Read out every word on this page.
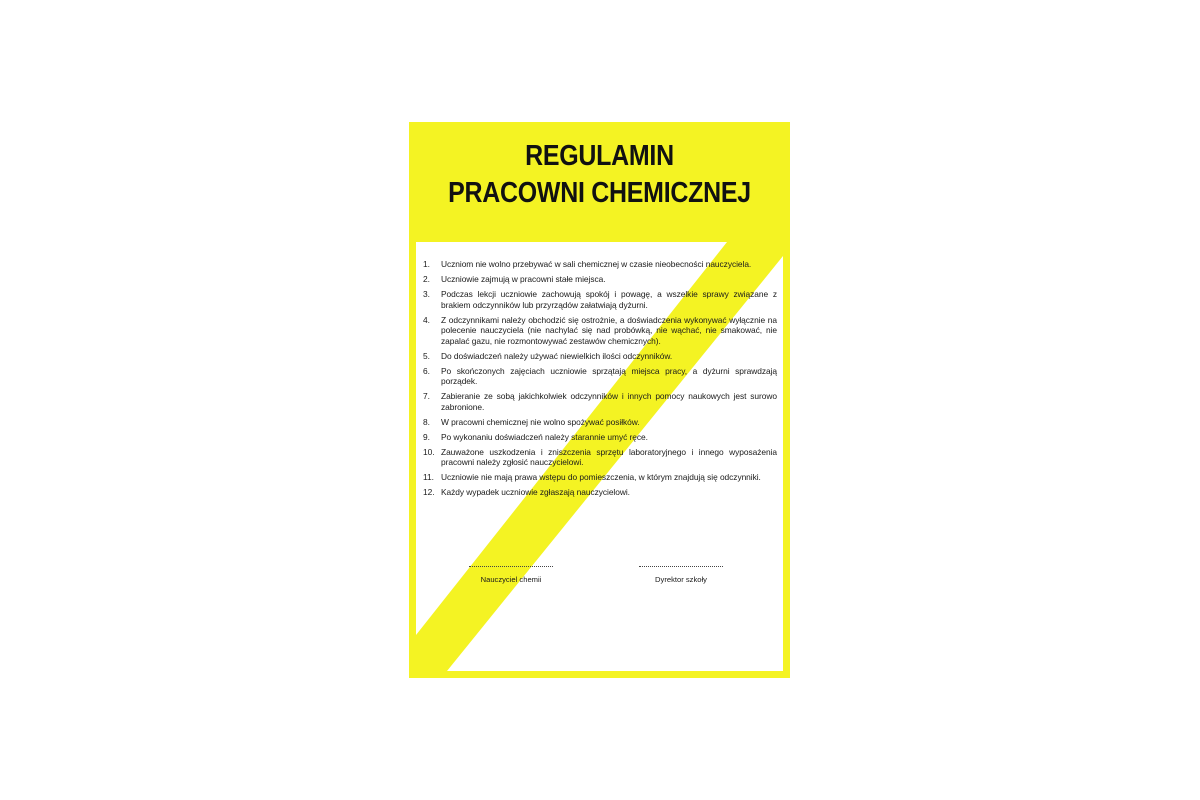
REGULAMIN
PRACOWNI CHEMICZNEJ
1.	Uczniom nie wolno przebywać w sali chemicznej w czasie nieobecności nauczyciela.
2.	Uczniowie zajmują w pracowni stałe miejsca.
3.	Podczas lekcji uczniowie zachowują spokój i powagę, a wszelkie sprawy związane z brakiem odczynników lub przyrządów załatwiają dyżurni.
4.	Z odczynnikami należy obchodzić się ostrożnie, a doświadczenia wykonywać wyłącznie na polecenie nauczyciela (nie nachylać się nad probówką, nie wąchać, nie smakować, nie zapalać gazu, nie rozmontowywać zestawów chemicznych).
5.	Do doświadczeń należy używać niewielkich ilości odczynników.
6.	Po skończonych zajęciach uczniowie sprzątają miejsca pracy, a dyżurni sprawdzają porządek.
7.	Zabieranie ze sobą jakichkolwiek odczynników i innych pomocy naukowych jest surowo zabronione.
8.	W pracowni chemicznej nie wolno spożywać posiłków.
9.	Po wykonaniu doświadczeń należy starannie umyć ręce.
10. Zauważone uszkodzenia i zniszczenia sprzętu laboratoryjnego i innego wyposażenia pracowni należy zgłosić nauczycielowi.
11. Uczniowie nie mają prawa wstępu do pomieszczenia, w którym znajdują się odczynniki.
12. Każdy wypadek uczniowie zgłaszają nauczycielowi.
Nauczyciel chemii	Dyrektor szkoły
